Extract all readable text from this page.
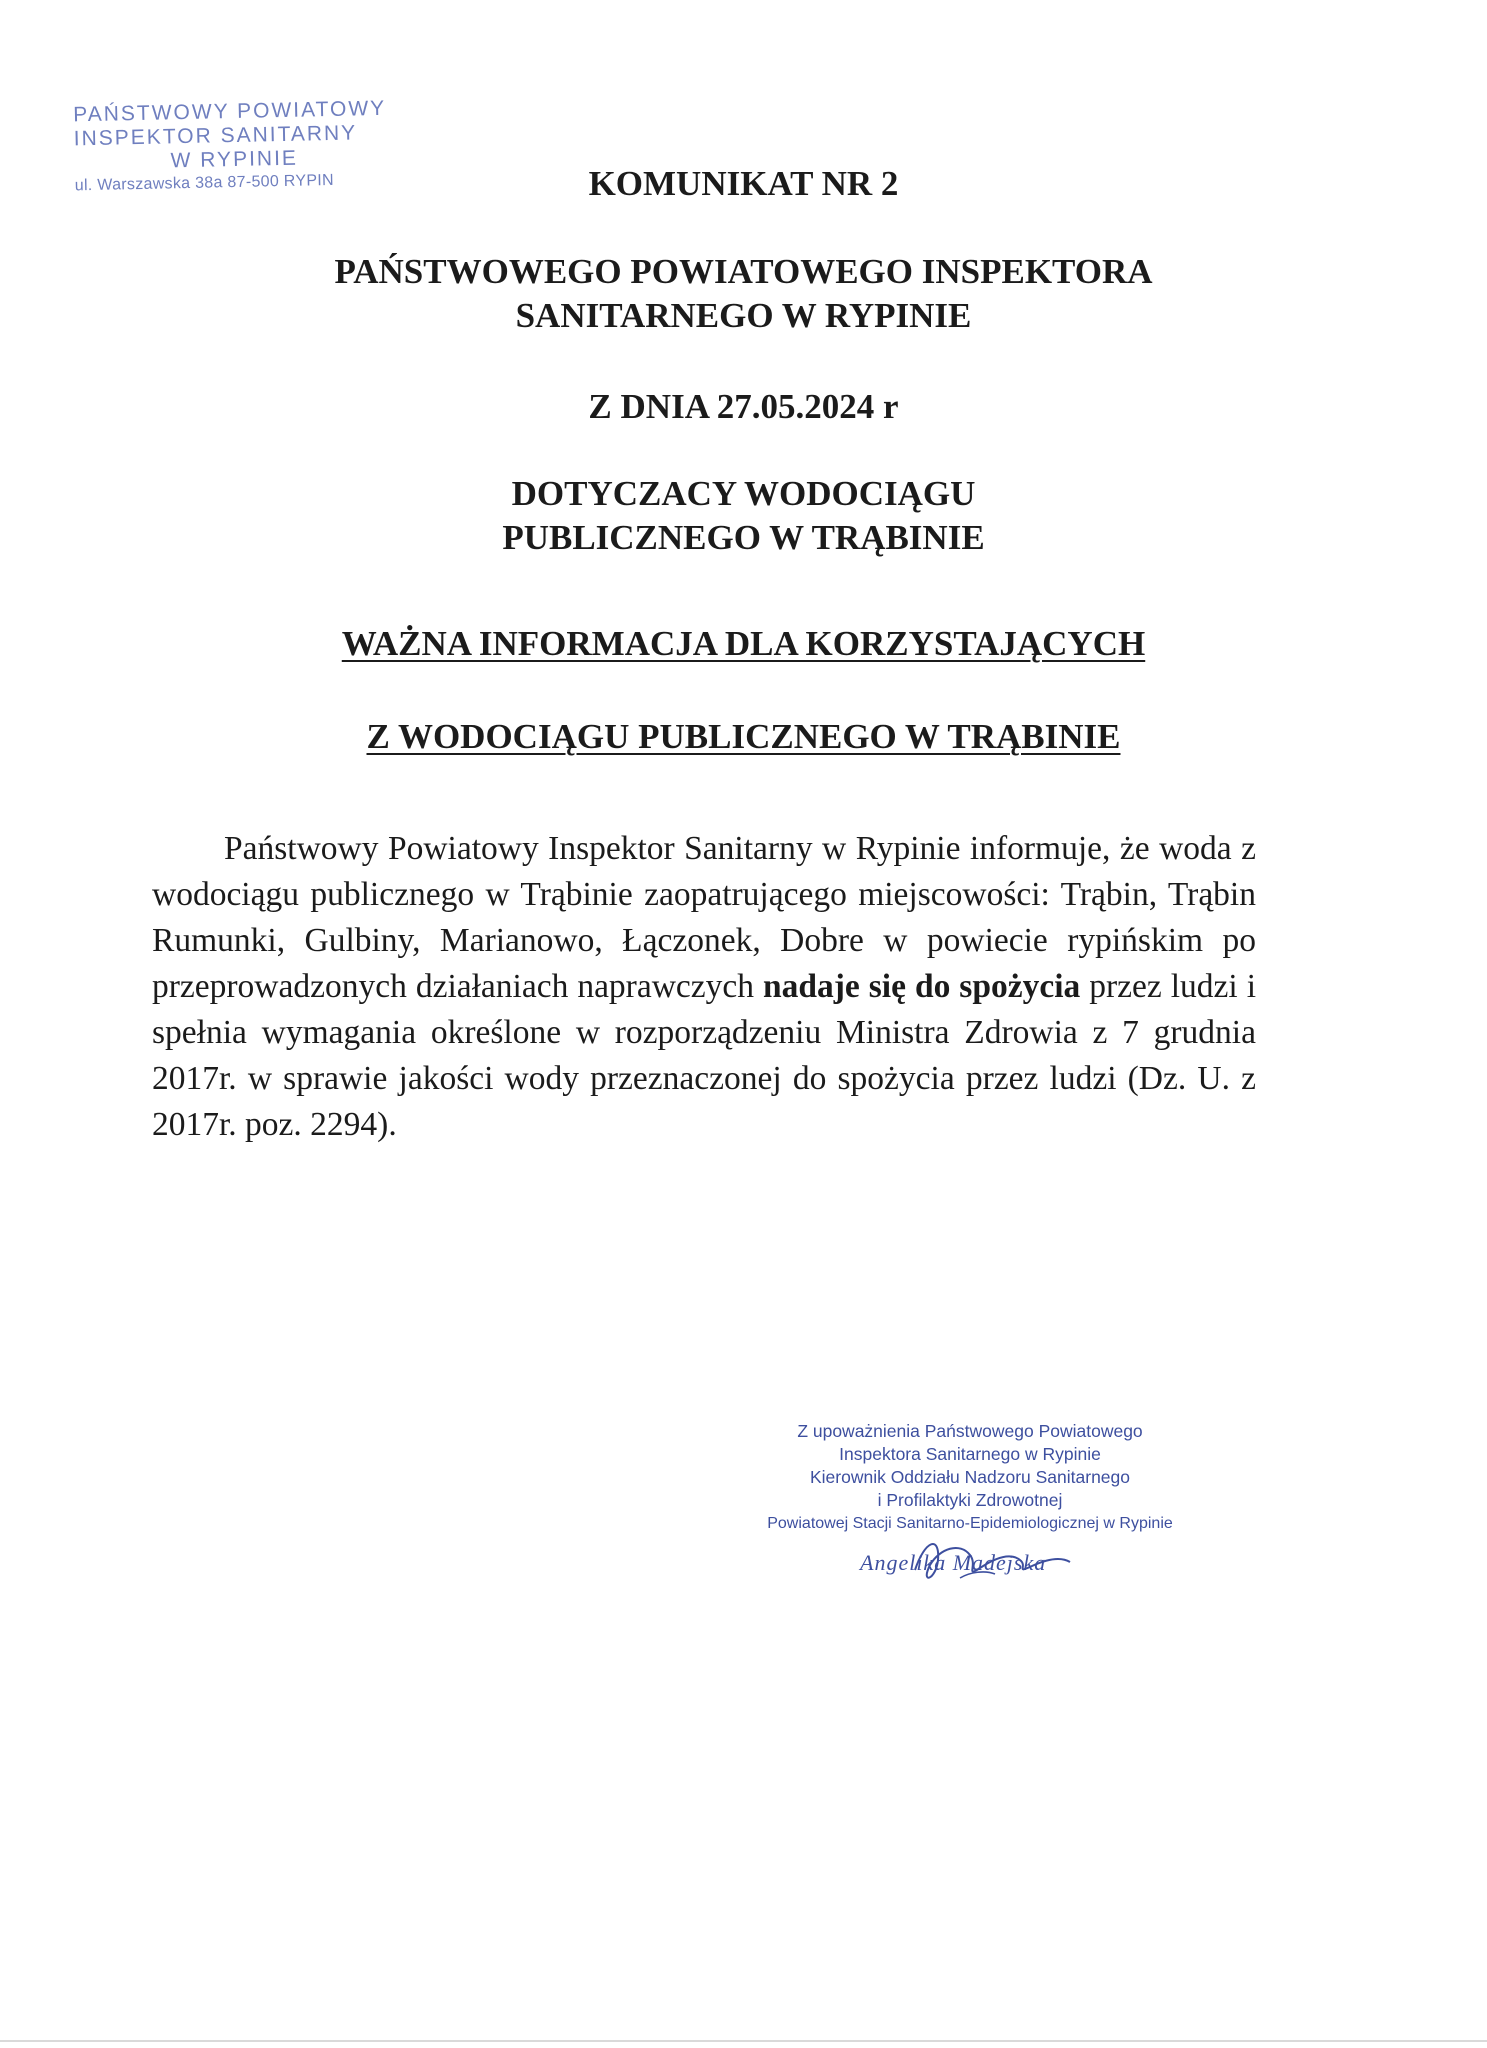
PAŃSTWOWY POWIATOWY
INSPEKTOR SANITARNY
W RYPINIE
ul. Warszawska 38a 87-500 RYPIN	KOMUNIKAT NR 2
PAŃSTWOWEGO POWIATOWEGO INSPEKTORA
SANITARNEGO W RYPINIE
Z DNIA 27.05.2024 r
DOTYCZACY WODOCIĄGU
PUBLICZNEGO W TRĄBINIE
WAŻNA INFORMACJA DLA KORZYSTAJĄCYCH
Z WODOCIĄGU PUBLICZNEGO W TRĄBINIE
Państwowy Powiatowy Inspektor Sanitarny w Rypinie informuje, że woda z wodociągu publicznego w Trąbinie zaopatrującego miejscowości: Trąbin, Trąbin Rumunki, Gulbiny, Marianowo, Łączonek, Dobre w powiecie rypińskim po przeprowadzonych działaniach naprawczych nadaje się do spożycia przez ludzi i spełnia wymagania określone w rozporządzeniu Ministra Zdrowia z 7 grudnia 2017r. w sprawie jakości wody przeznaczonej do spożycia przez ludzi (Dz. U. z 2017r. poz. 2294).
Z upoważnienia Państwowego Powiatowego
Inspektora Sanitarnego w Rypinie
Kierownik Oddziału Nadzoru Sanitarnego
i Profilaktyki Zdrowotnej
Powiatowej Stacji Sanitarno-Epidemiologicznej w Rypinie
Angelika Madejska
